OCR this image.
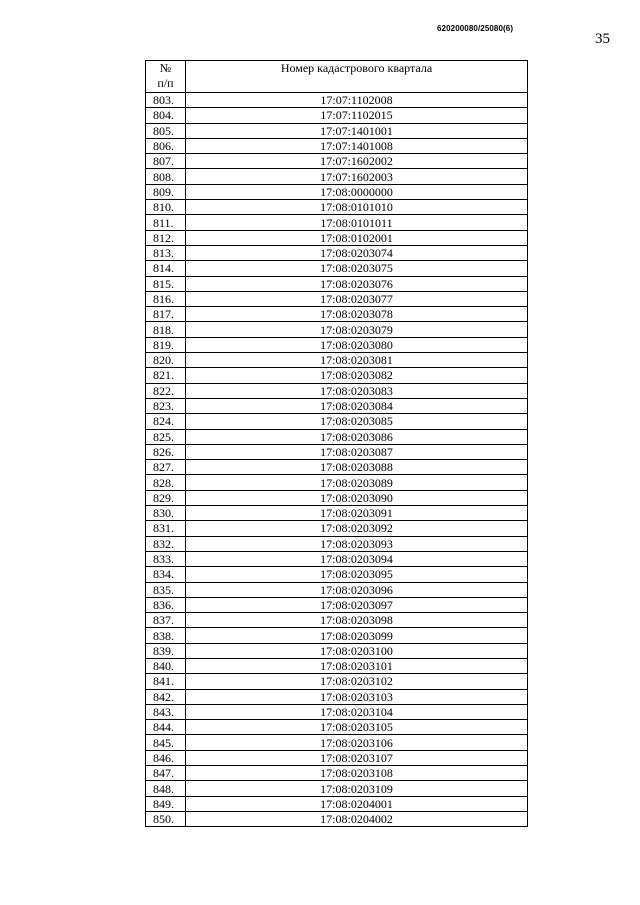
620200080/25080(6)
35
№
п/п	Номер кадастрового квартала
803.	17:07:1102008
804.	17:07:1102015
805.	17:07:1401001
806.	17:07:1401008
807.	17:07:1602002
808.	17:07:1602003
809.	17:08:0000000
810.	17:08:0101010
811.	17:08:0101011
812.	17:08:0102001
813.	17:08:0203074
814.	17:08:0203075
815.	17:08:0203076
816.	17:08:0203077
817.	17:08:0203078
818.	17:08:0203079
819.	17:08:0203080
820.	17:08:0203081
821.	17:08:0203082
822.	17:08:0203083
823.	17:08:0203084
824.	17:08:0203085
825.	17:08:0203086
826.	17:08:0203087
827.	17:08:0203088
828.	17:08:0203089
829.	17:08:0203090
830.	17:08:0203091
831.	17:08:0203092
832.	17:08:0203093
833.	17:08:0203094
834.	17:08:0203095
835.	17:08:0203096
836.	17:08:0203097
837.	17:08:0203098
838.	17:08:0203099
839.	17:08:0203100
840.	17:08:0203101
841.	17:08:0203102
842.	17:08:0203103
843.	17:08:0203104
844.	17:08:0203105
845.	17:08:0203106
846.	17:08:0203107
847.	17:08:0203108
848.	17:08:0203109
849.	17:08:0204001
850.	17:08:0204002
